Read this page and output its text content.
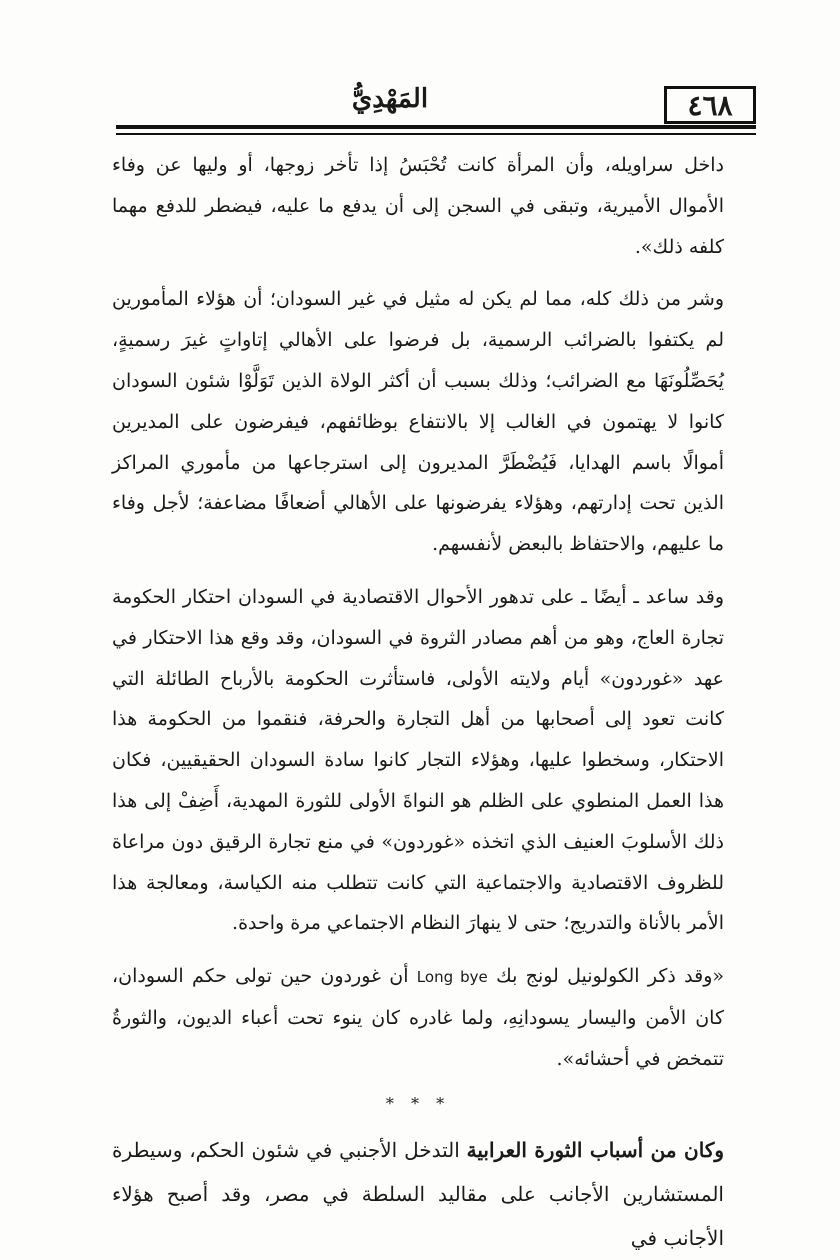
٤٦٨
المَهْدِيُّ

داخل سراويله، وأن المرأة كانت تُحْبَسُ إذا تأخر زوجها، أو وليها عن وفاء الأموال الأميرية، وتبقى في السجن إلى أن يدفع ما عليه، فيضطر للدفع مهما كلفه ذلك».

وشر من ذلك كله، مما لم يكن له مثيل في غير السودان؛ أن هؤلاء المأمورين لم يكتفوا بالضرائب الرسمية، بل فرضوا على الأهالي إتاواتٍ غيرَ رسميةٍ، يُحَصِّلُونَهَا مع الضرائب؛ وذلك بسبب أن أكثر الولاة الذين تَوَلَّوْا شئون السودان كانوا لا يهتمون في الغالب إلا بالانتفاع بوظائفهم، فيفرضون على المديرين أموالًا باسم الهدايا، فَيُضْطَرَّ المديرون إلى استرجاعها من مأموري المراكز الذين تحت إدارتهم، وهؤلاء يفرضونها على الأهالي أضعافًا مضاعفة؛ لأجل وفاء ما عليهم، والاحتفاظ بالبعض لأنفسهم.

وقد ساعد ـ أيضًا ـ على تدهور الأحوال الاقتصادية في السودان احتكار الحكومة تجارة العاج، وهو من أهم مصادر الثروة في السودان، وقد وقع هذا الاحتكار في عهد «غوردون» أيام ولايته الأولى، فاستأثرت الحكومة بالأرباح الطائلة التي كانت تعود إلى أصحابها من أهل التجارة والحرفة، فنقموا من الحكومة هذا الاحتكار، وسخطوا عليها، وهؤلاء التجار كانوا سادة السودان الحقيقيين، فكان هذا العمل المنطوي على الظلم هو النواةَ الأولى للثورة المهدية، أَضِفْ إلى هذا ذلك الأسلوبَ العنيف الذي اتخذه «غوردون» في منع تجارة الرقيق دون مراعاة للظروف الاقتصادية والاجتماعية التي كانت تتطلب منه الكياسة، ومعالجة هذا الأمر بالأناة والتدريج؛ حتى لا ينهارَ النظام الاجتماعي مرة واحدة.

«وقد ذكر الكولونيل لونج بك Long bye أن غوردون حين تولى حكم السودان، كان الأمن واليسار يسودانِهِ، ولما غادره كان ينوء تحت أعباء الديون، والثورةُ تتمخض في أحشائه».

* * *

وكان من أسباب الثورة العرابية التدخل الأجنبي في شئون الحكم، وسيطرة المستشارين الأجانب على مقاليد السلطة في مصر، وقد أصبح هؤلاء الأجانب في
